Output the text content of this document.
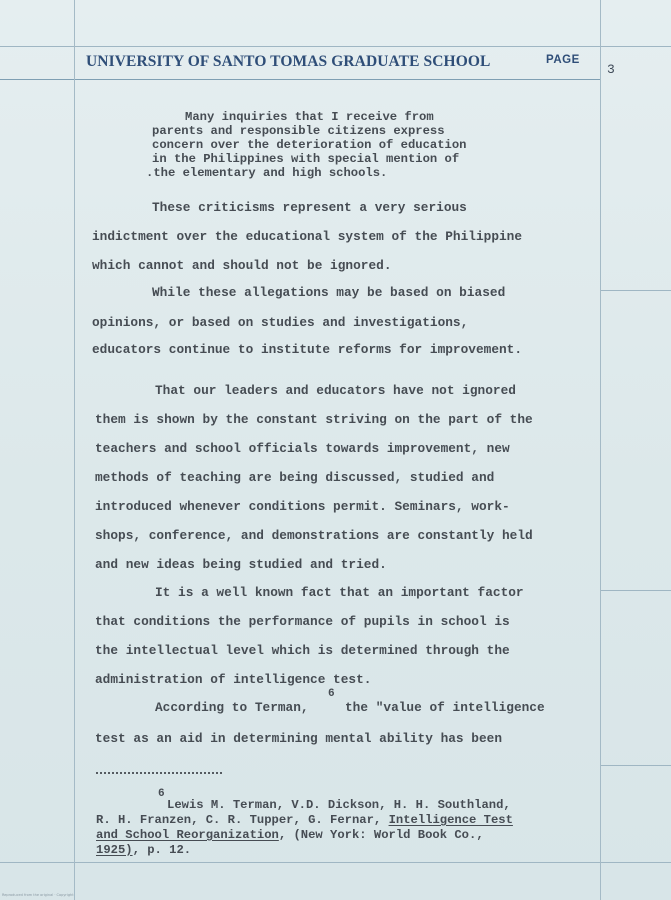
UNIVERSITY OF SANTO TOMAS GRADUATE SCHOOL	PAGE
3
Many inquiries that I receive from
parents and responsible citizens express
concern over the deterioration of education
in the Philippines with special mention of
.the elementary and high schools.
These criticisms represent a very serious
indictment over the educational system of the Philippine
which cannot and should not be ignored.
While these allegations may be based on biased
opinions, or based on studies and investigations,
educators continue to institute reforms for improvement.
That our leaders and educators have not ignored
them is shown by the constant striving on the part of the
teachers and school officials towards improvement, new
methods of teaching are being discussed, studied and
introduced whenever conditions permit. Seminars, work-
shops, conference, and demonstrations are constantly held
and new ideas being studied and tried.
It is a well known fact that an important factor
that conditions the performance of pupils in school is
the intellectual level which is determined through the
administration of intelligence test.
According to Terman,
6
the "value of intelligence
test as an aid in determining mental ability has been
6
Lewis M. Terman, V.D. Dickson, H. H. Southland,
R. H. Franzen, C. R. Tupper, G. Fernar, Intelligence Test
and School Reorganization, (New York: World Book Co.,
1925), p. 12.
Reproduced from the original · Copyright
